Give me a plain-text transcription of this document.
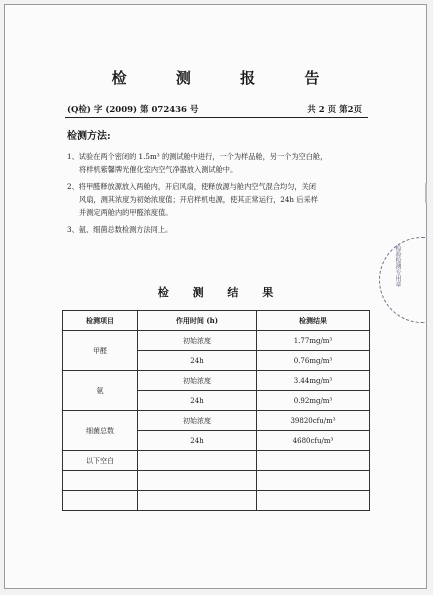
检 测 报 告
(Q检) 字 (2009) 第 072436 号	共 2 页 第2页
检测方法:
1、试验在两个密闭的 1.5m³ 的测试舱中进行，一个为样品舱，另一个为空白舱，
将样机紫馨牌光催化室内空气净器放入测试舱中。
2、将甲醛释放源放入两舱内，开启风扇，使释放源与舱内空气混合均匀，关闭
风扇，测其浓度为初始浓度值；开启样机电源，使其正常运行，24h 后采样
并测定两舱内的甲醛浓度值。
3、氨、细菌总数检测方法同上。
检 测 结 果
检测项目	作用时间 (h)	检测结果
甲醛	初始浓度	1.77mg/m³
	24h	0.76mg/m³
氨	初始浓度	3.44mg/m³
	24h	0.92mg/m³
细菌总数	初始浓度	39820cfu/m³
	24h	4680cfu/m³
以下空白		

检验检测专用章
